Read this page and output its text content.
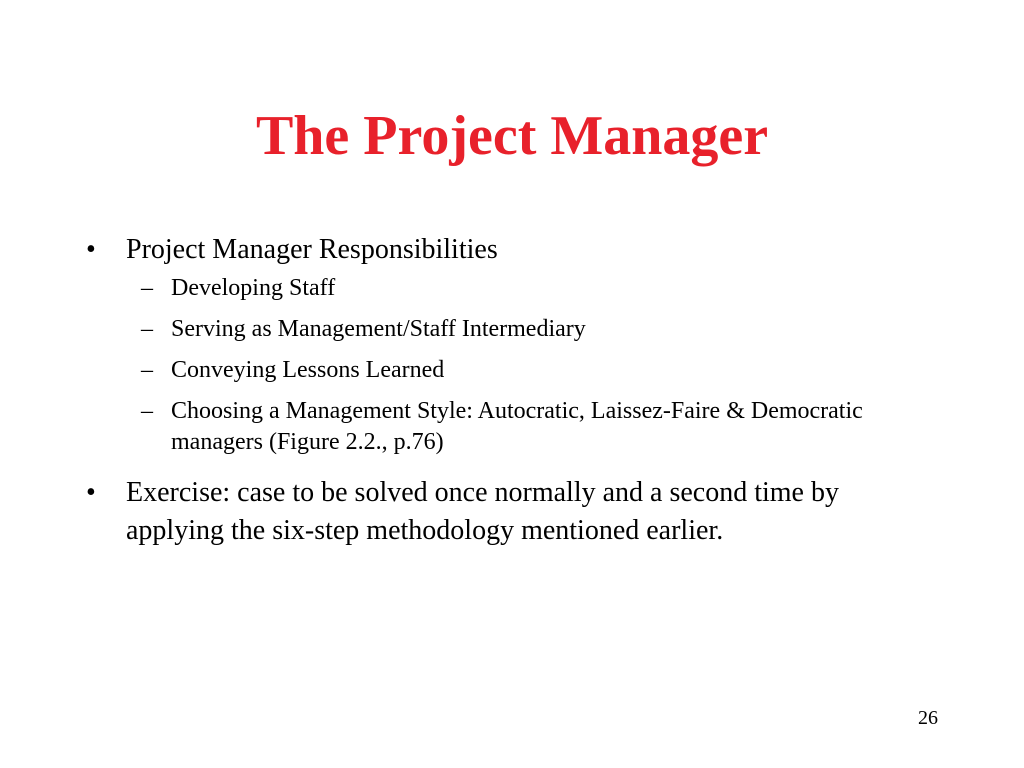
The Project Manager
• Project Manager Responsibilities
– Developing Staff
– Serving as Management/Staff Intermediary
– Conveying Lessons Learned
– Choosing a Management Style: Autocratic, Laissez-Faire & Democratic managers (Figure 2.2., p.76)
• Exercise: case to be solved once normally and a second time by applying the six-step methodology mentioned earlier.
26
